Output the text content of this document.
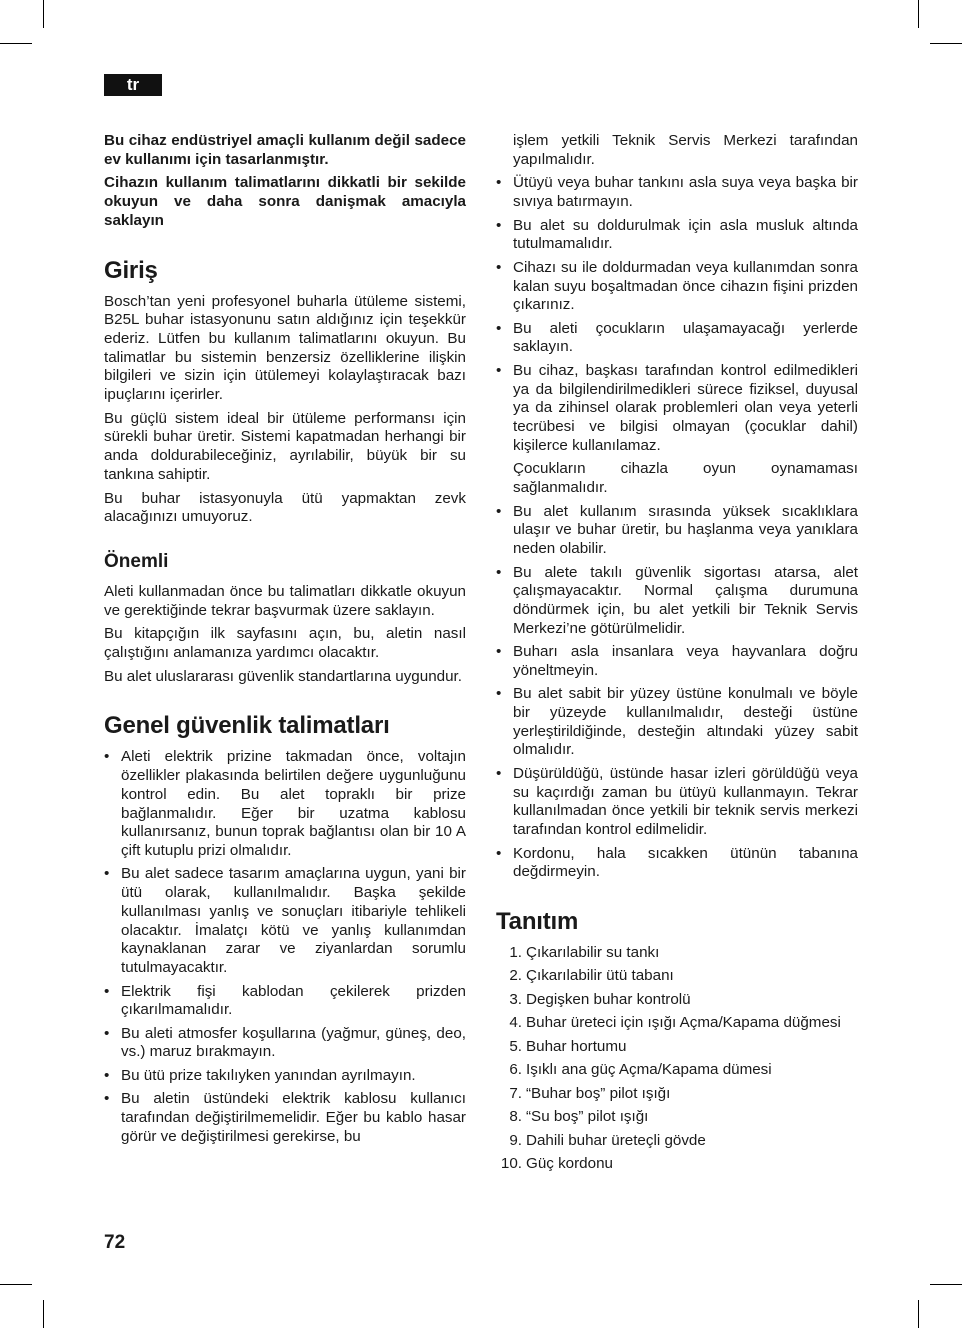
tr

Bu cihaz endüstriyel amaçli kullanım değil sadece ev kullanımı için tasarlanmıştır.

Cihazın kullanım talimatlarını dikkatli bir sekilde okuyun ve daha sonra danişmak amacıyla saklayın

Giriş

Bosch’tan yeni profesyonel buharla ütüleme sistemi, B25L buhar istasyonunu satın aldığınız için teşekkür ederiz. Lütfen bu kullanım talimatlarını okuyun. Bu talimatlar bu sistemin benzersiz özelliklerine ilişkin bilgileri ve sizin için ütülemeyi kolaylaştıracak bazı ipuçlarını içerirler.

Bu güçlü sistem ideal bir ütüleme performansı için sürekli buhar üretir. Sistemi kapatmadan herhangi bir anda doldurabileceğiniz, ayrılabilir, büyük bir su tankına sahiptir.

Bu buhar istasyonuyla ütü yapmaktan zevk alacağınızı umuyoruz.

Önemli

Aleti kullanmadan önce bu talimatları dikkatle okuyun ve gerektiğinde tekrar başvurmak üzere saklayın.

Bu kitapçığın ilk sayfasını açın, bu, aletin nasıl çalıştığını anlamanıza yardımcı olacaktır.

Bu alet uluslararası güvenlik standartlarına uygundur.

Genel güvenlik talimatları
• Aleti elektrik prizine takmadan önce, voltajın özellikler plakasında belirtilen değere uygunluğunu kontrol edin. Bu alet topraklı bir prize bağlanmalıdır. Eğer bir uzatma kablosu kullanırsanız, bunun toprak bağlantısı olan bir 10 A çift kutuplu prizi olmalıdır.
• Bu alet sadece tasarım amaçlarına uygun, yani bir ütü olarak, kullanılmalıdır. Başka şekilde kullanılması yanlış ve sonuçları itibariyle tehlikeli olacaktır. İmalatçı kötü ve yanlış kullanımdan kaynaklanan zarar ve ziyanlardan sorumlu tutulmayacaktır.
• Elektrik fişi kablodan çekilerek prizden çıkarılmamalıdır.
• Bu aleti atmosfer koşullarına (yağmur, güneş, deo, vs.) maruz bırakmayın.
• Bu ütü prize takılıyken yanından ayrılmayın.
• Bu aletin üstündeki elektrik kablosu kullanıcı tarafından değiştirilmemelidir. Eğer bu kablo hasar görür ve değiştirilmesi gerekirse, bu

işlem yetkili Teknik Servis Merkezi tarafından yapılmalıdır.

• Ütüyü veya buhar tankını asla suya veya başka bir sıvıya batırmayın.
• Bu alet su doldurulmak için asla musluk altında tutulmamalıdır.
• Cihazı su ile doldurmadan veya kullanımdan sonra kalan suyu boşaltmadan önce cihazın fişini prizden çıkarınız.
• Bu aleti çocukların ulaşamayacağı yerlerde saklayın.
• Bu cihaz, başkası tarafından kontrol edilmedikleri ya da bilgilendirilmedikleri sürece fiziksel, duyusal ya da zihinsel olarak problemleri olan veya yeterli tecrübesi ve bilgisi olmayan (çocuklar dahil) kişilerce kullanılamaz.

Çocukların cihazla oyun oynamaması sağlanmalıdır.

• Bu alet kullanım sırasında yüksek sıcaklıklara ulaşır ve buhar üretir, bu haşlanma veya yanıklara neden olabilir.
• Bu alete takılı güvenlik sigortası atarsa, alet çalışmayacaktır. Normal çalışma durumuna döndürmek için, bu alet yetkili bir Teknik Servis Merkezi’ne götürülmelidir.
• Buharı asla insanlara veya hayvanlara doğru yöneltmeyin.
• Bu alet sabit bir yüzey üstüne konulmalı ve böyle bir yüzeyde kullanılmalıdır, desteği üstüne yerleştirildiğinde, desteğin altındaki yüzey sabit olmalıdır.
• Düşürüldüğü, üstünde hasar izleri görüldüğü veya su kaçırdığı zaman bu ütüyü kullanmayın. Tekrar kullanılmadan önce yetkili bir teknik servis merkezi tarafından kontrol edilmelidir.
• Kordonu, hala sıcakken ütünün tabanına değdirmeyin.
Tanıtım
1. Çıkarılabilir su tankı
2. Çıkarılabilir ütü tabanı
3. Degişken buhar kontrolü
4. Buhar üreteci için ışığı Açma/Kapama düğmesi
5. Buhar hortumu
6. Işıklı ana güç Açma/Kapama dümesi
7. “Buhar boş” pilot ışığı
8. “Su boş” pilot ışığı
9. Dahili buhar üreteçli gövde
10. Güç kordonu
72
